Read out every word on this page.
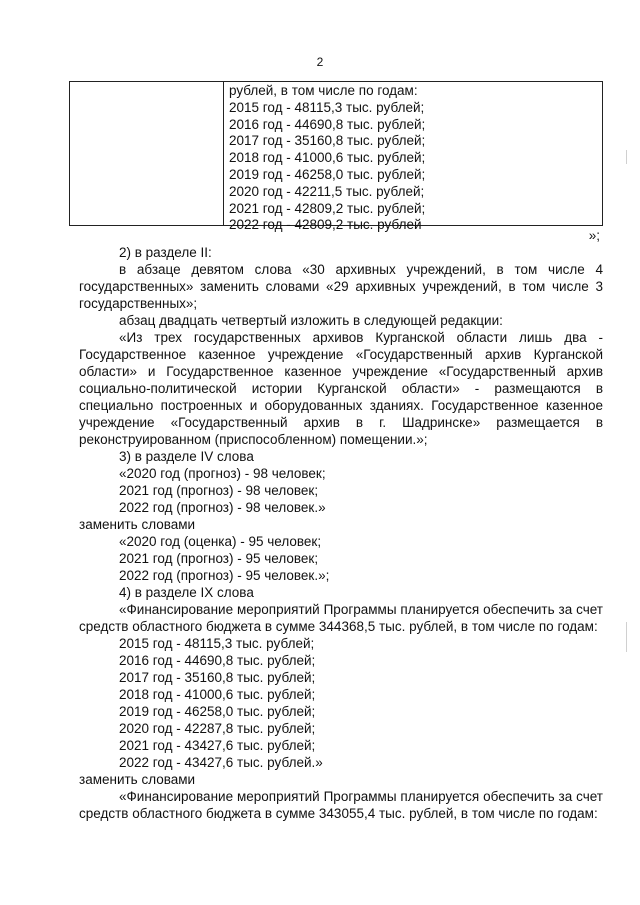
2
рублей, в том числе по годам:
2015 год - 48115,3 тыс. рублей;
2016 год - 44690,8 тыс. рублей;
2017 год - 35160,8 тыс. рублей;
2018 год - 41000,6 тыс. рублей;
2019 год - 46258,0 тыс. рублей;
2020 год - 42211,5 тыс. рублей;
2021 год - 42809,2 тыс. рублей;
2022 год - 42809,2 тыс. рублей
»;

2) в разделе II:

в абзаце девятом слова «30 архивных учреждений, в том числе 4 государственных» заменить словами «29 архивных учреждений, в том числе 3 государственных»;

абзац двадцать четвертый изложить в следующей редакции:

«Из трех государственных архивов Курганской области лишь два - Государственное казенное учреждение «Государственный архив Курганской области» и Государственное казенное учреждение «Государственный архив социально-политической истории Курганской области» - размещаются в специально построенных и оборудованных зданиях. Государственное казенное учреждение «Государственный архив в г. Шадринске» размещается в реконструированном (приспособленном) помещении.»;

3) в разделе IV слова

«2020 год (прогноз) - 98 человек;

2021 год (прогноз) - 98 человек;

2022 год (прогноз) - 98 человек.»

заменить словами

«2020 год (оценка) - 95 человек;

2021 год (прогноз) - 95 человек;

2022 год (прогноз) - 95 человек.»;

4) в разделе IX слова

«Финансирование мероприятий Программы планируется обеспечить за счет средств областного бюджета в сумме 344368,5 тыс. рублей, в том числе по годам:

2015 год - 48115,3 тыс. рублей;

2016 год - 44690,8 тыс. рублей;

2017 год - 35160,8 тыс. рублей;

2018 год - 41000,6 тыс. рублей;

2019 год - 46258,0 тыс. рублей;

2020 год - 42287,8 тыс. рублей;

2021 год - 43427,6 тыс. рублей;

2022 год - 43427,6 тыс. рублей.»

заменить словами

«Финансирование мероприятий Программы планируется обеспечить за счет средств областного бюджета в сумме 343055,4 тыс. рублей, в том числе по годам:
